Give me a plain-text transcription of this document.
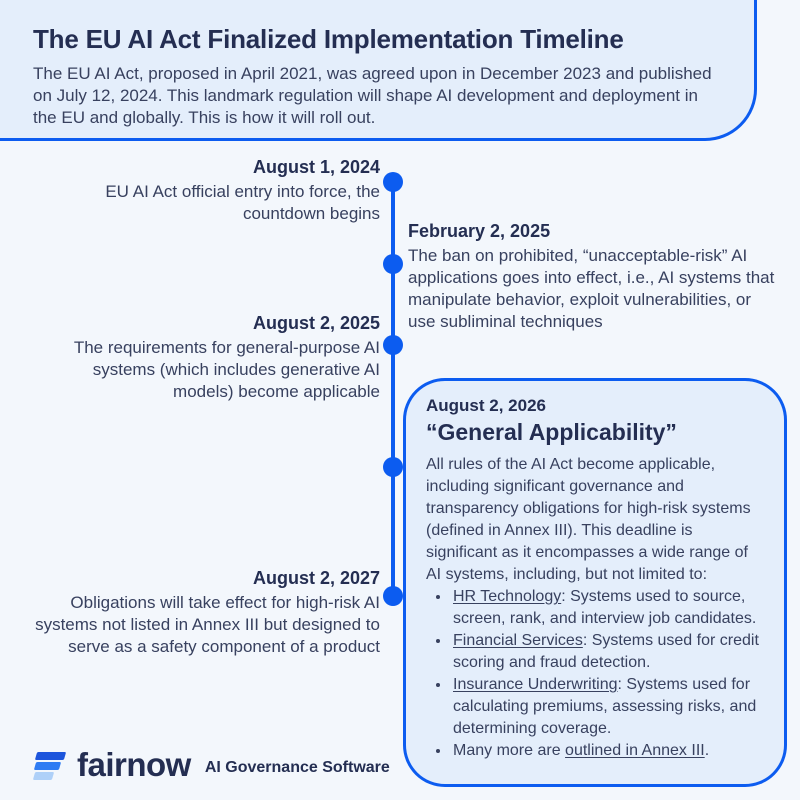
The EU AI Act Finalized Implementation Timeline

The EU AI Act, proposed in April 2021, was agreed upon in December 2023 and published on July 12, 2024. This landmark regulation will shape AI development and deployment in the EU and globally. This is how it will roll out.

August 1, 2024
EU AI Act official entry into force, the countdown begins
February 2, 2025
The ban on prohibited, “unacceptable-risk” AI applications goes into effect, i.e., AI systems that manipulate behavior, exploit vulnerabilities, or use subliminal techniques
August 2, 2025
The requirements for general-purpose AI systems (which includes generative AI models) become applicable
August 2, 2026
“General Applicability”

All rules of the AI Act become applicable, including significant governance and transparency obligations for high-risk systems (defined in Annex III). This deadline is significant as it encompasses a wide range of AI systems, including, but not limited to:

• HR Technology: Systems used to source, screen, rank, and interview job candidates.
• Financial Services: Systems used for credit scoring and fraud detection.
• Insurance Underwriting: Systems used for calculating premiums, assessing risks, and determining coverage.
• Many more are outlined in Annex III.
August 2, 2027
Obligations will take effect for high-risk AI systems not listed in Annex III but designed to serve as a safety component of a product
fairnow AI Governance Software
